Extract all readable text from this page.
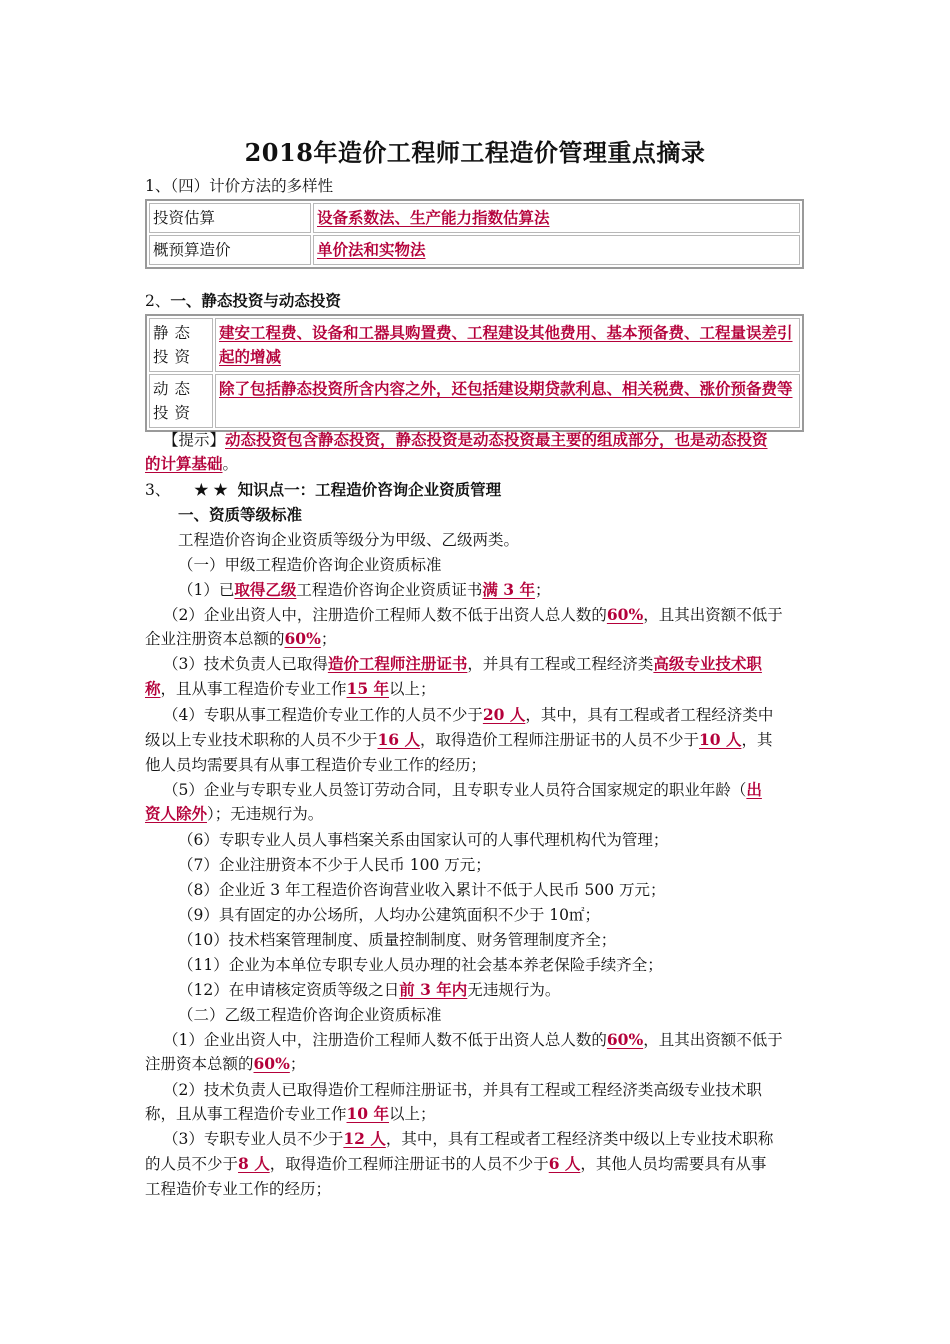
2018年造价工程师工程造价管理重点摘录
1、（四）计价方法的多样性
投资估算	设备系数法、生产能力指数估算法
概预算造价	单价法和实物法
2、一、静态投资与动态投资
静态投资	建安工程费、设备和工器具购置费、工程建设其他费用、基本预备费、工程量误差引起的增减
动态投资	除了包括静态投资所含内容之外，还包括建设期贷款利息、相关税费、涨价预备费等
【提示】动态投资包含静态投资，静态投资是动态投资最主要的组成部分，也是动态投资
的计算基础。
3、 ★ ★ 知识点一：工程造价咨询企业资质管理
一、资质等级标准
工程造价咨询企业资质等级分为甲级、乙级两类。
（一）甲级工程造价咨询企业资质标准
（1）已取得乙级工程造价咨询企业资质证书满 3 年；
（2）企业出资人中，注册造价工程师人数不低于出资人总人数的60%，且其出资额不低于
企业注册资本总额的60%；
（3）技术负责人已取得造价工程师注册证书，并具有工程或工程经济类高级专业技术职
称，且从事工程造价专业工作15 年以上；
（4）专职从事工程造价专业工作的人员不少于20 人，其中，具有工程或者工程经济类中
级以上专业技术职称的人员不少于16 人，取得造价工程师注册证书的人员不少于10 人，其
他人员均需要具有从事工程造价专业工作的经历；
（5）企业与专职专业人员签订劳动合同，且专职专业人员符合国家规定的职业年龄（出
资人除外）；无违规行为。
（6）专职专业人员人事档案关系由国家认可的人事代理机构代为管理；
（7）企业注册资本不少于人民币 100 万元；
（8）企业近 3 年工程造价咨询营业收入累计不低于人民币 500 万元；
（9）具有固定的办公场所，人均办公建筑面积不少于 10㎡；
（10）技术档案管理制度、质量控制制度、财务管理制度齐全；
（11）企业为本单位专职专业人员办理的社会基本养老保险手续齐全；
（12）在申请核定资质等级之日前 3 年内无违规行为。
（二）乙级工程造价咨询企业资质标准
（1）企业出资人中，注册造价工程师人数不低于出资人总人数的60%，且其出资额不低于
注册资本总额的60%；
（2）技术负责人已取得造价工程师注册证书，并具有工程或工程经济类高级专业技术职
称，且从事工程造价专业工作10 年以上；
（3）专职专业人员不少于12 人，其中，具有工程或者工程经济类中级以上专业技术职称
的人员不少于8 人，取得造价工程师注册证书的人员不少于6 人，其他人员均需要具有从事
工程造价专业工作的经历；
